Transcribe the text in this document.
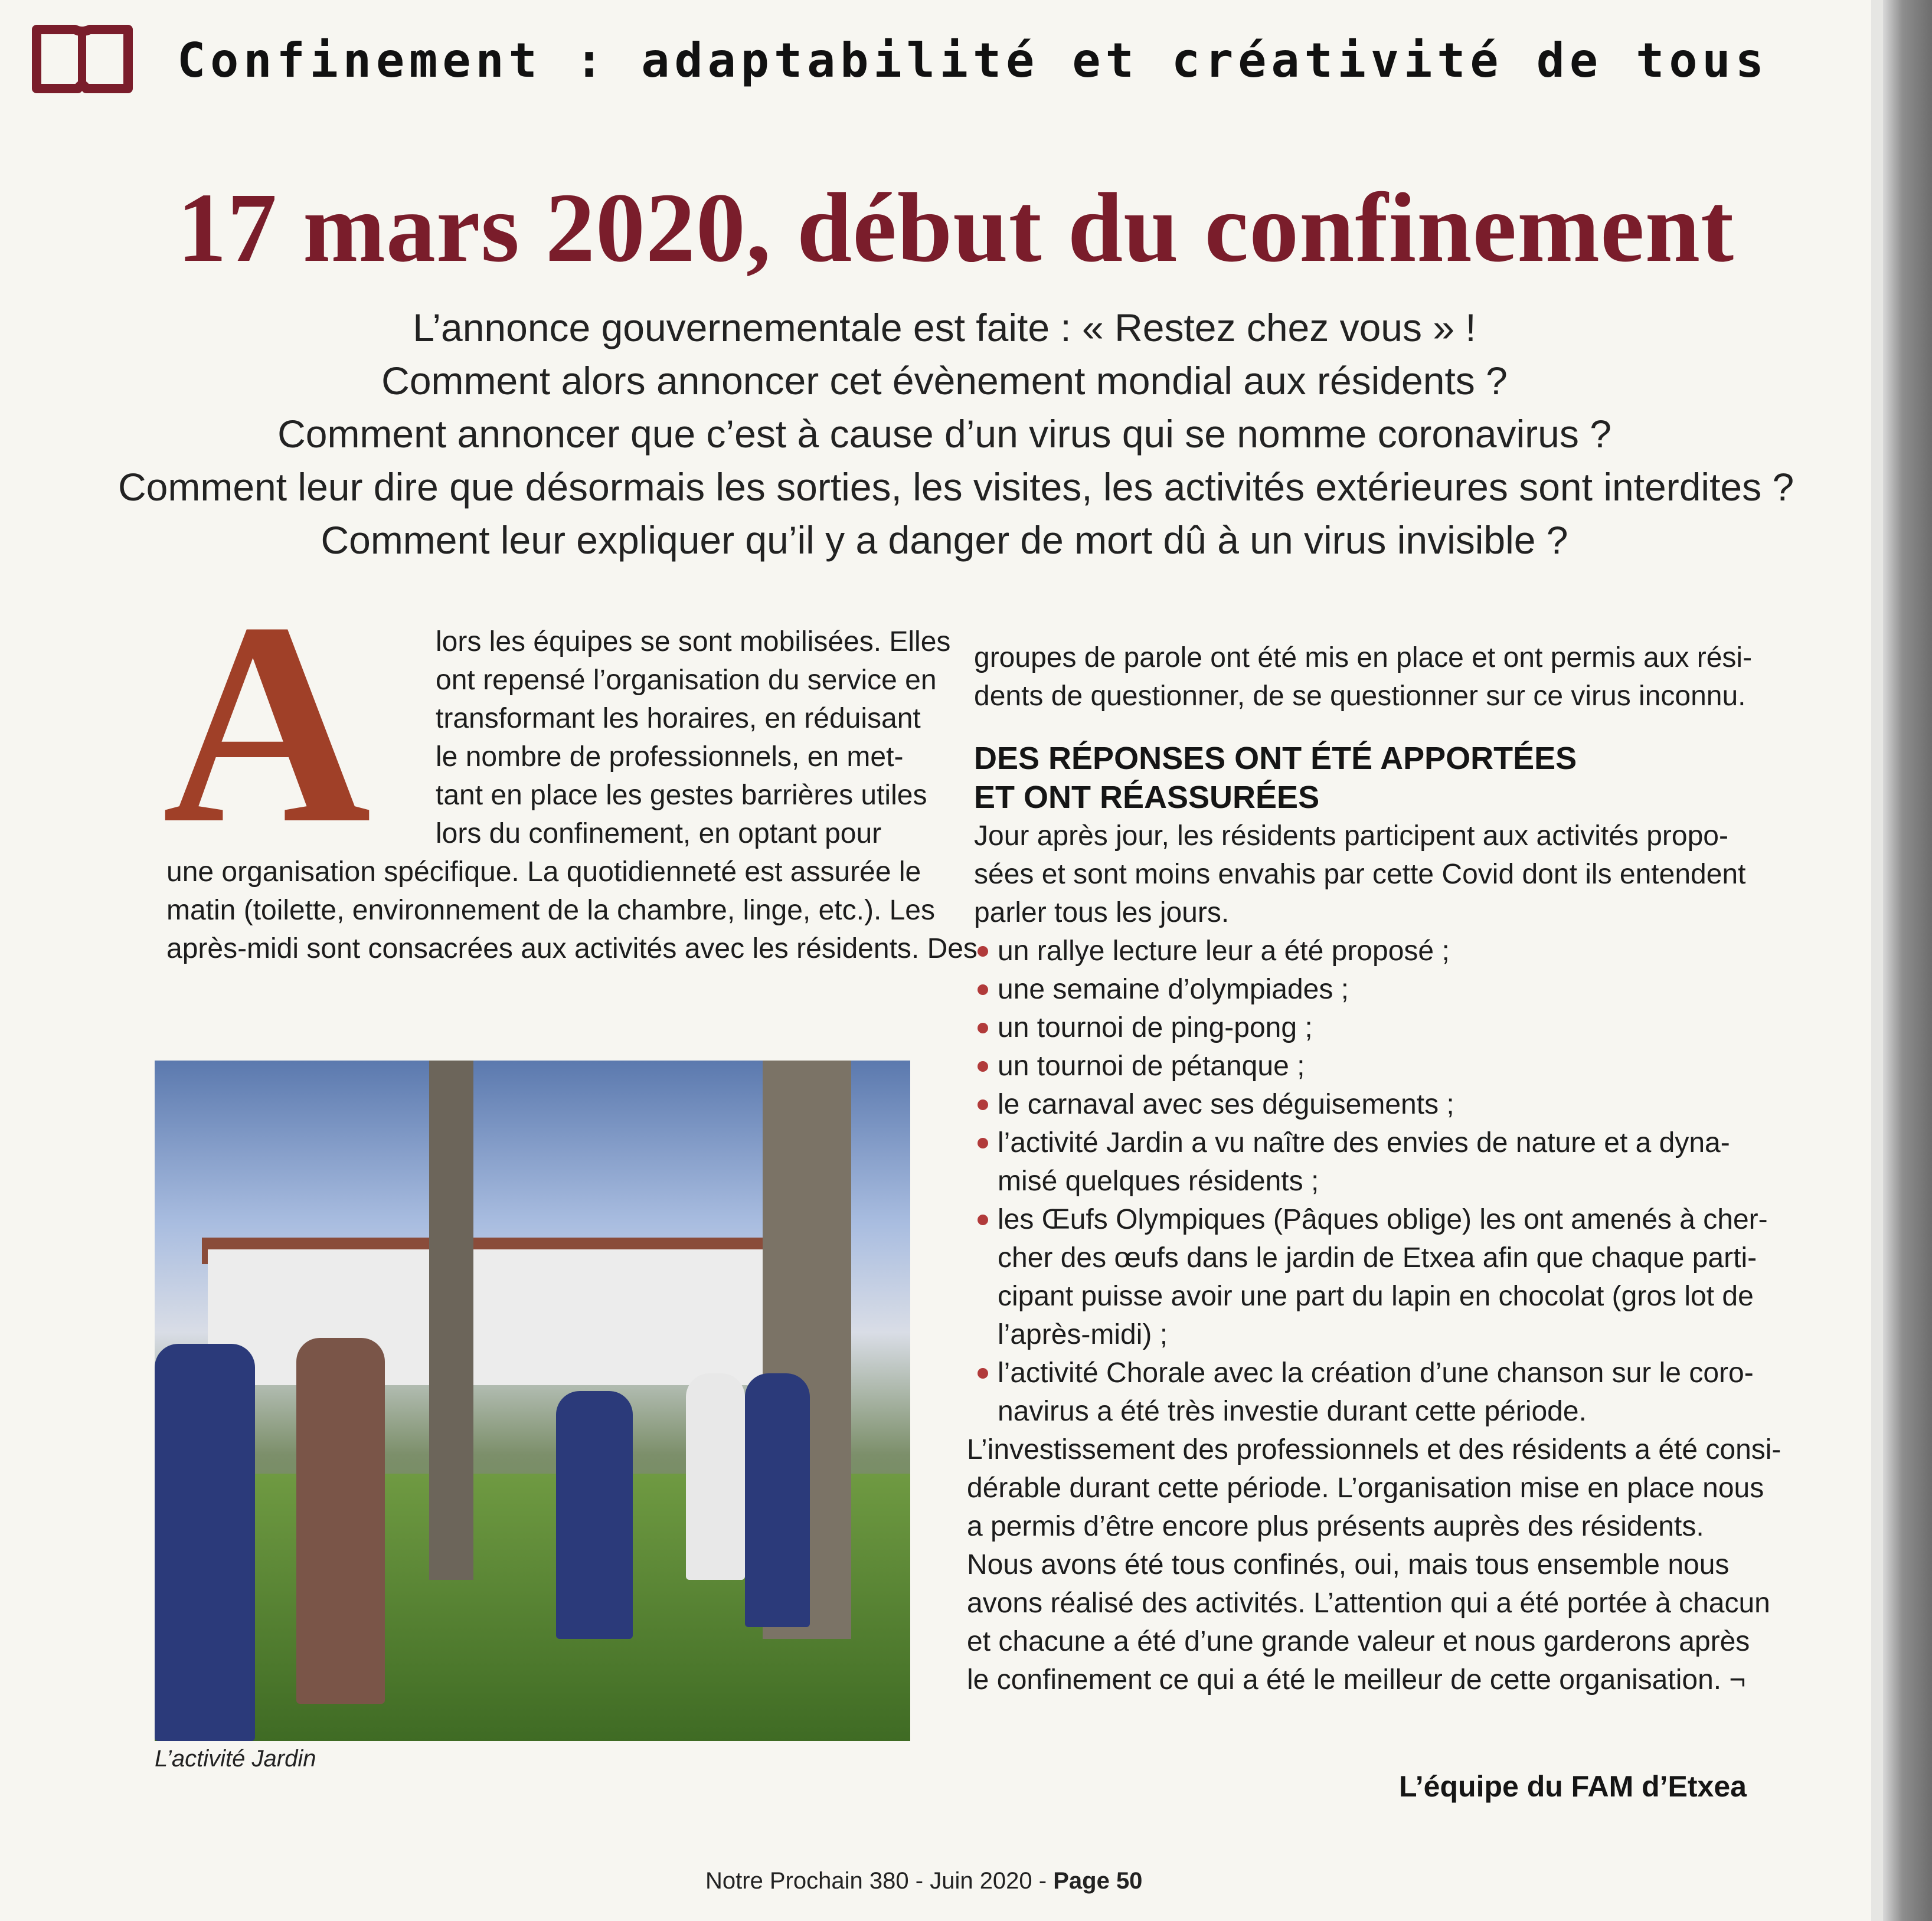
Confinement : adaptabilité et créativité de tous
17 mars 2020, début du confinement
L’annonce gouvernementale est faite : « Restez chez vous » !
Comment alors annoncer cet évènement mondial aux résidents ?
Comment annoncer que c’est à cause d’un virus qui se nomme coronavirus ?
Comment leur dire que désormais les sorties, les visites, les activités extérieures sont interdites ?
Comment leur expliquer qu’il y a danger de mort dû à un virus invisible ?
A lors les équipes se sont mobilisées. Elles
ont repensé l’organisation du service en
transformant les horaires, en réduisant
le nombre de professionnels, en met-
tant en place les gestes barrières utiles
lors du confinement, en optant pour
une organisation spécifique. La quotidienneté est assurée le
matin (toilette, environnement de la chambre, linge, etc.). Les
après-midi sont consacrées aux activités avec les résidents. Des
L’activité Jardin

groupes de parole ont été mis en place et ont permis aux rési-
dents de questionner, de se questionner sur ce virus inconnu.

DES RÉPONSES ONT ÉTÉ APPORTÉES
ET ONT RÉASSURÉES

Jour après jour, les résidents participent aux activités propo-
sées et sont moins envahis par cette Covid dont ils entendent
parler tous les jours.

un rallye lecture leur a été proposé ;
une semaine d’olympiades ;
un tournoi de ping-pong ;
un tournoi de pétanque ;
le carnaval avec ses déguisements ;
l’activité Jardin a vu naître des envies de nature et a dyna-
misé quelques résidents ;
les Œufs Olympiques (Pâques oblige) les ont amenés à cher-
cher des œufs dans le jardin de Etxea afin que chaque parti-
cipant puisse avoir une part du lapin en chocolat (gros lot de
l’après-midi) ;
l’activité Chorale avec la création d’une chanson sur le coro-
navirus a été très investie durant cette période.

L’investissement des professionnels et des résidents a été consi-
dérable durant cette période. L’organisation mise en place nous
a permis d’être encore plus présents auprès des résidents.
Nous avons été tous confinés, oui, mais tous ensemble nous
avons réalisé des activités. L’attention qui a été portée à chacun
et chacune a été d’une grande valeur et nous garderons après
le confinement ce qui a été le meilleur de cette organisation. ¬

L’équipe du FAM d’Etxea
Notre Prochain 380 - Juin 2020 - Page 50
